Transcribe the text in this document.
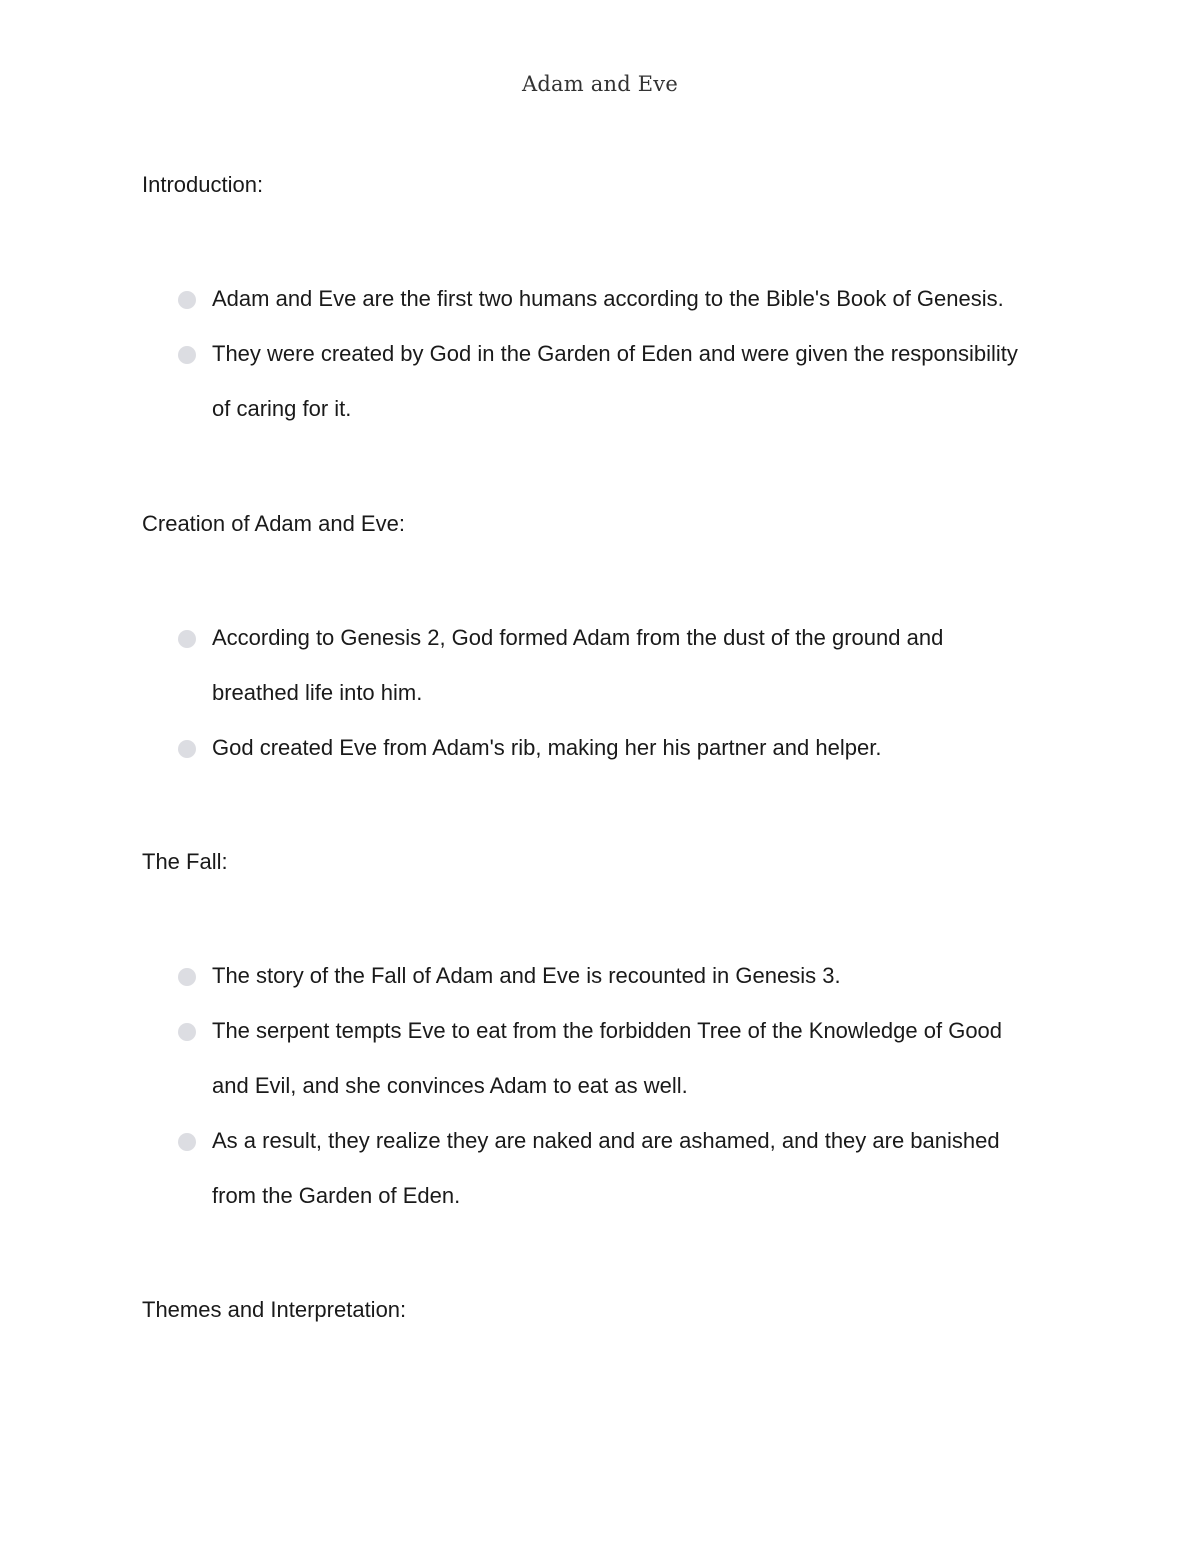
Adam and Eve
Introduction:
Adam and Eve are the first two humans according to the Bible's Book of Genesis.
They were created by God in the Garden of Eden and were given the responsibility
of caring for it.
Creation of Adam and Eve:
According to Genesis 2, God formed Adam from the dust of the ground and
breathed life into him.
God created Eve from Adam's rib, making her his partner and helper.
The Fall:
The story of the Fall of Adam and Eve is recounted in Genesis 3.
The serpent tempts Eve to eat from the forbidden Tree of the Knowledge of Good
and Evil, and she convinces Adam to eat as well.
As a result, they realize they are naked and are ashamed, and they are banished
from the Garden of Eden.
Themes and Interpretation:
